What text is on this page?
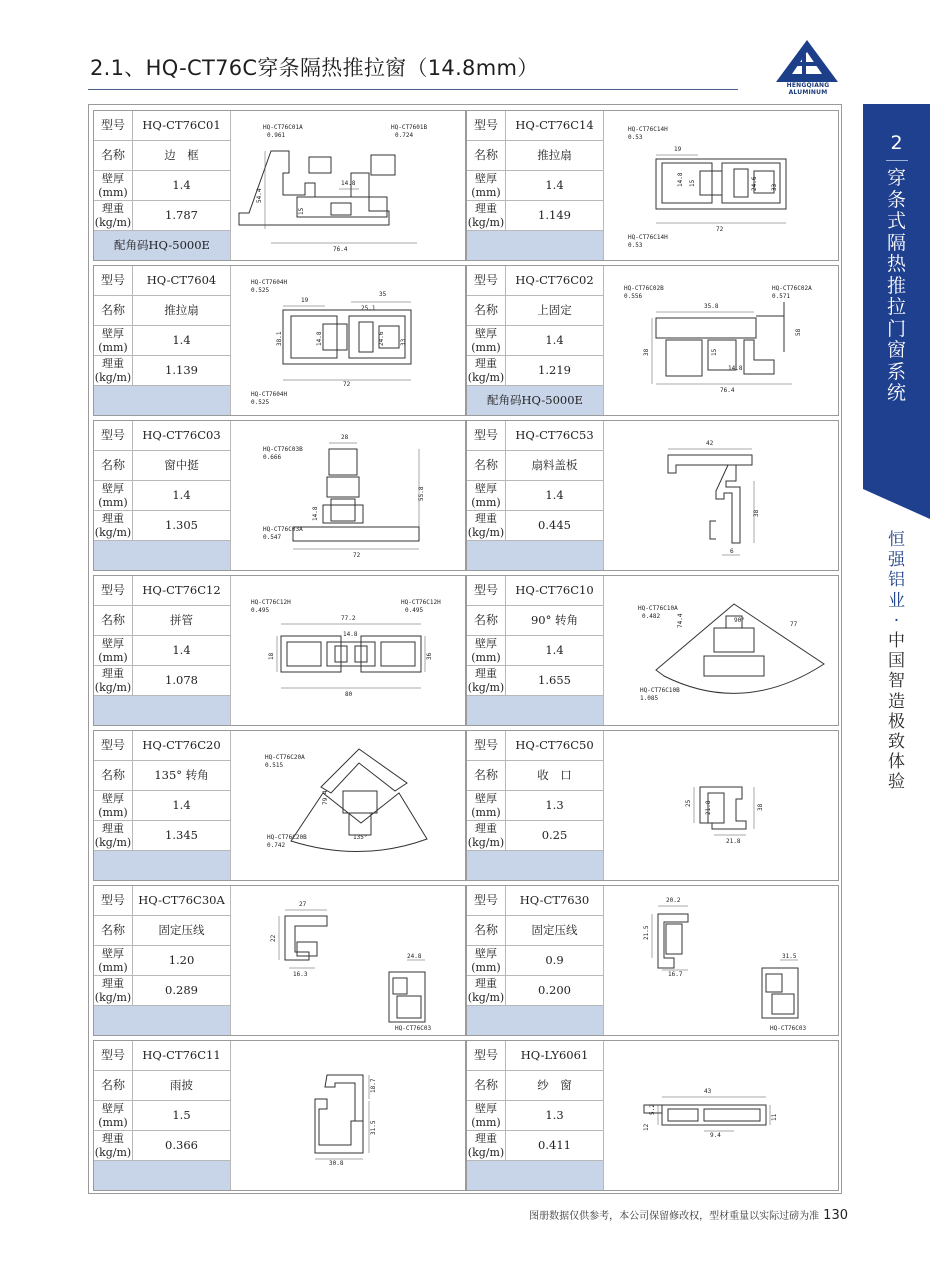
2.1、HQ-CT76C穿条隔热推拉窗（14.8mm）
HENGQIANG ALUMINUM
2
穿
条
式
隔
热
推
拉
门
窗
系
统
恒
强
铝
业
·
中
国
智
造
极
致
体
验
型号	HQ-CT76C01
名称	边　框
壁厚
(mm)
1.4
理重
(kg/m)
1.787
配角码HQ-5000E
HQ-CT76C01A
0.961
HQ-CT7601B
0.724
54.4
14.8
15
76.4
型号	HQ-CT76C14
名称	推拉扇
壁厚
(mm)
1.4
理重
(kg/m)
1.149
HQ-CT76C14H
0.53
19
14.8 15	24.6 33
72
HQ-CT76C14H
0.53
型号	HQ-CT7604
名称	推拉扇
壁厚
(mm)
1.4
理重
(kg/m)
1.139
HQ-CT7604H
0.525
35
19
25.1
14.8
38.1	24.6	33
72
HQ-CT7604H
0.525
型号	HQ-CT76C02
名称	上固定
壁厚
(mm)
1.4
理重
(kg/m)
1.219
配角码HQ-5000E
HQ-CT76C02B
0.556
HQ-CT76C02A
0.571
35.8
58
38	15
14.8
76.4
型号	HQ-CT76C03
名称	窗中挺
壁厚
(mm)
1.4
理重
(kg/m)
1.305
HQ-CT76C03B
0.666
28
55.8
14.8
HQ-CT76C03A
0.547
72
型号	HQ-CT76C53
名称	扇料盖板
壁厚
(mm)
1.4
理重
(kg/m)
0.445
42
38
6
型号	HQ-CT76C12
名称	拼管
壁厚
(mm)
1.4
理重
(kg/m)
1.078
HQ-CT76C12H
0.495
HQ-CT76C12H
0.495
77.2
14.8
18	36
80
型号	HQ-CT76C10
名称	90° 转角
壁厚
(mm)
1.4
理重
(kg/m)
1.655
HQ-CT76C10A
0.482
90°
74.4	77
HQ-CT76C10B
1.085
型号	HQ-CT76C20
名称	135° 转角
壁厚
(mm)
1.4
理重
(kg/m)
1.345
HQ-CT76C20A
0.515
79.4
135°
HQ-CT76C20B
0.742
型号	HQ-CT76C50
名称	收　口
壁厚
(mm)
1.3
理重
(kg/m)
0.25
25 21.8	38
21.8
型号	HQ-CT76C30A
名称	固定压线
壁厚
(mm)
1.20
理重
(kg/m)
0.289
27
22
16.3
24.8
HQ-CT76C03
型号	HQ-CT7630
名称	固定压线
壁厚
(mm)
0.9
理重
(kg/m)
0.200
20.2
21.5
16.7
31.5
HQ-CT76C03
型号	HQ-CT76C11
名称	雨披
壁厚
(mm)
1.5
理重
(kg/m)
0.366
18.7
31.5
30.8
型号	HQ-LY6061
名称	纱　窗
壁厚
(mm)
1.3
理重
(kg/m)
0.411
43
5.2
12
9.4
11
图册数据仅供参考，本公司保留修改权，型材重量以实际过磅为准 130
